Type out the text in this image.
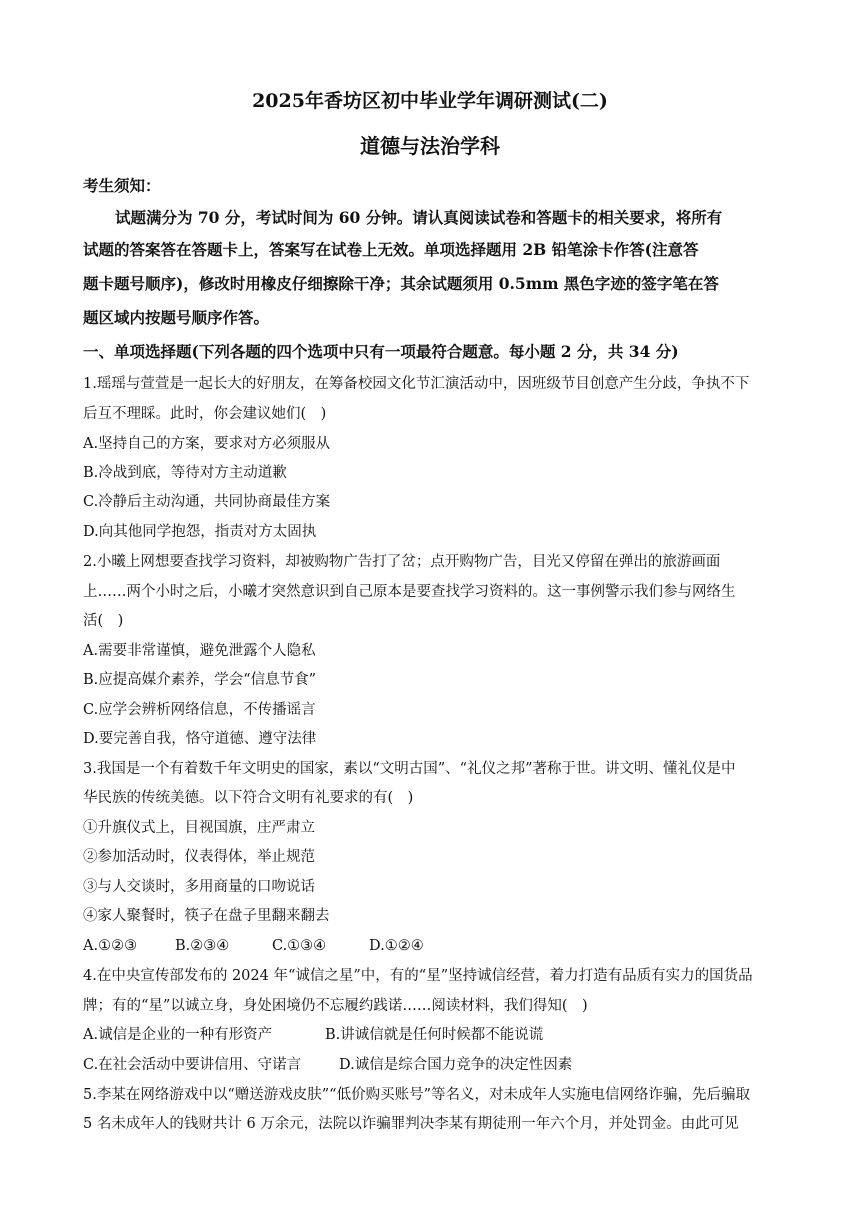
2025年香坊区初中毕业学年调研测试(二)
道德与法治学科
考生须知：
试题满分为 70 分，考试时间为 60 分钟。请认真阅读试卷和答题卡的相关要求，将所有
试题的答案答在答题卡上，答案写在试卷上无效。单项选择题用 2B 铅笔涂卡作答(注意答
题卡题号顺序)，修改时用橡皮仔细擦除干净；其余试题须用 0.5mm 黑色字迹的签字笔在答
题区域内按题号顺序作答。
一、单项选择题(下列各题的四个选项中只有一项最符合题意。每小题 2 分，共 34 分)
1.瑶瑶与萱萱是一起长大的好朋友，在筹备校园文化节汇演活动中，因班级节目创意产生分歧，争执不下
后互不理睬。此时，你会建议她们(　)
A.坚持自己的方案，要求对方必须服从
B.冷战到底，等待对方主动道歉
C.冷静后主动沟通，共同协商最佳方案
D.向其他同学抱怨，指责对方太固执
2.小曦上网想要查找学习资料，却被购物广告打了岔；点开购物广告，目光又停留在弹出的旅游画面
上……两个小时之后，小曦才突然意识到自己原本是要查找学习资料的。这一事例警示我们参与网络生
活(　)
A.需要非常谨慎，避免泄露个人隐私
B.应提高媒介素养，学会“信息节食”
C.应学会辨析网络信息，不传播谣言
D.要完善自我，恪守道德、遵守法律
3.我国是一个有着数千年文明史的国家，素以“文明古国”、“礼仪之邦”著称于世。讲文明、懂礼仪是中
华民族的传统美德。以下符合文明有礼要求的有(　)
①升旗仪式上，目视国旗，庄严肃立
②参加活动时，仪表得体，举止规范
③与人交谈时，多用商量的口吻说话
④家人聚餐时，筷子在盘子里翻来翻去
A.①②③	B.②③④	C.①③④	D.①②④
4.在中央宣传部发布的 2024 年“诚信之星”中，有的“星”坚持诚信经营，着力打造有品质有实力的国货品
牌；有的“星”以诚立身，身处困境仍不忘履约践诺……阅读材料，我们得知(　)
A.诚信是企业的一种有形资产	B.讲诚信就是任何时候都不能说谎
C.在社会活动中要讲信用、守诺言	D.诚信是综合国力竞争的决定性因素
5.李某在网络游戏中以“赠送游戏皮肤”“低价购买账号”等名义，对未成年人实施电信网络诈骗，先后骗取
5 名未成年人的钱财共计 6 万余元，法院以诈骗罪判决李某有期徒刑一年六个月，并处罚金。由此可见
